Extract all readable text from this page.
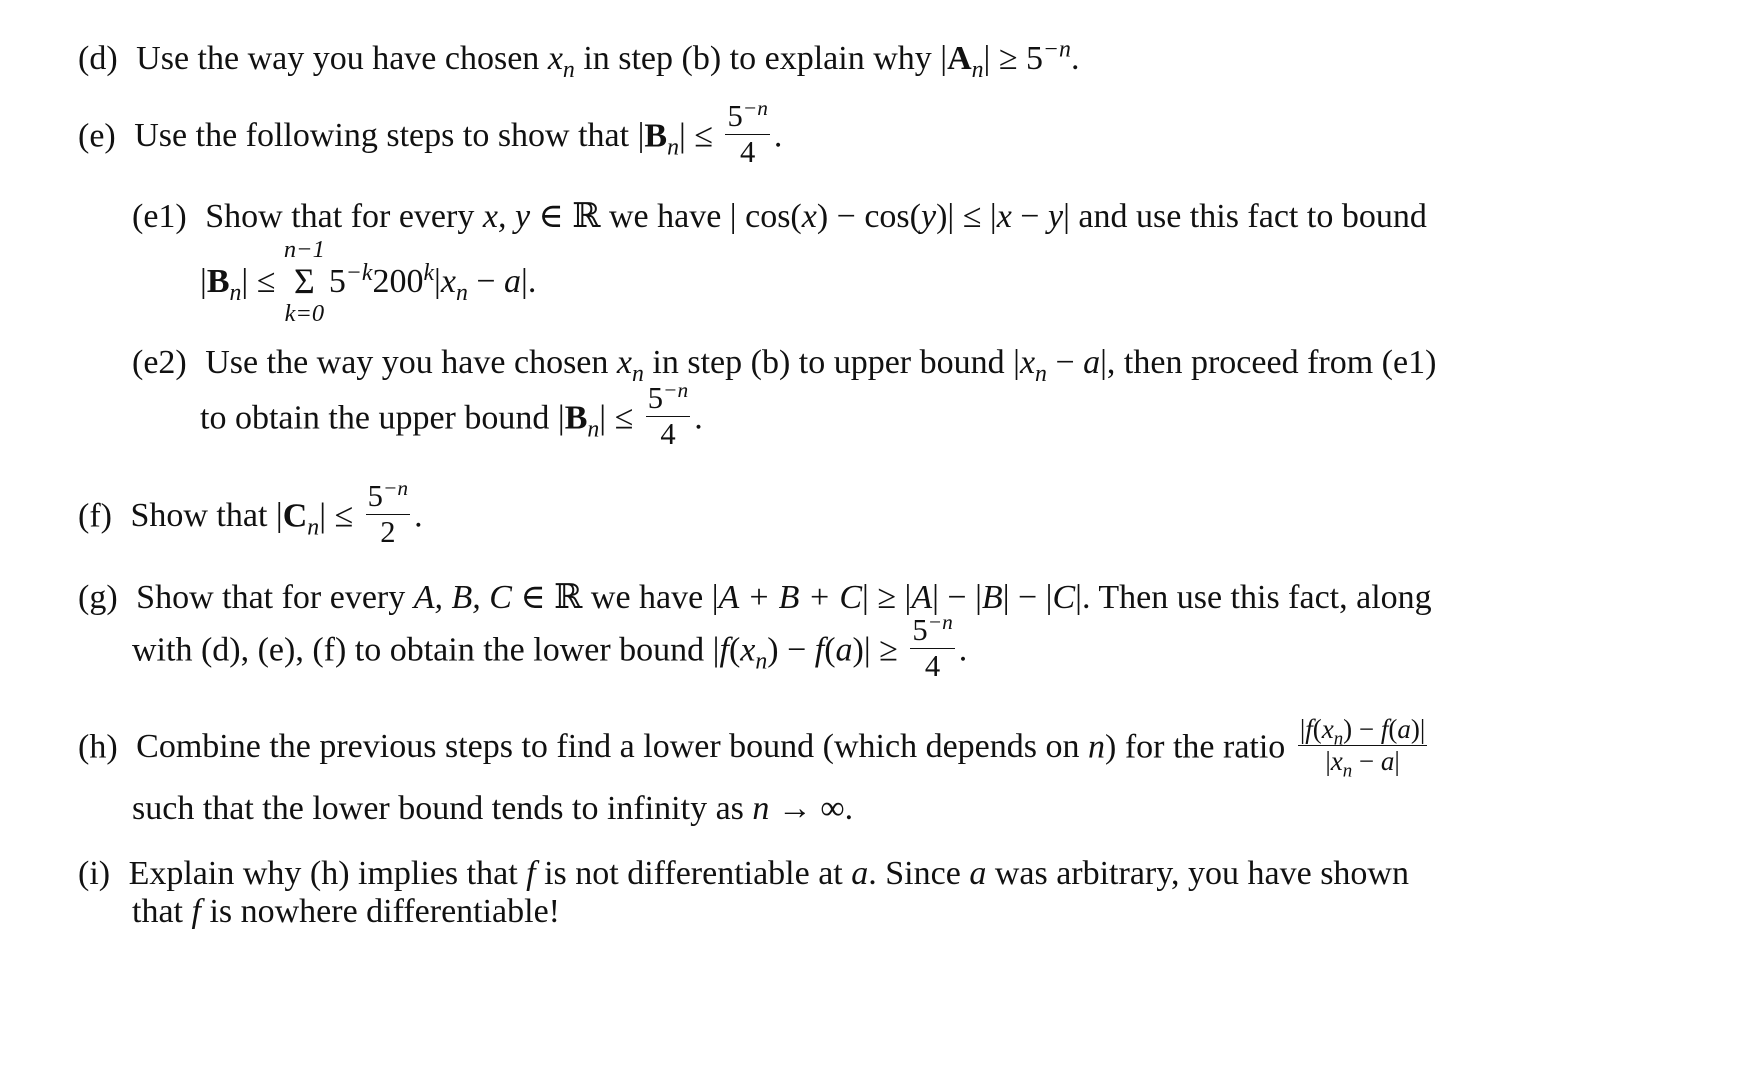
(d) Use the way you have chosen $x_n$ in step (b) to explain why $|A_n| \ge 5^{-n}$.
(e) Use the following steps to show that $|B_n| \le \frac{5^{-n}}{4}$ .
(e1) Show that for every x, y ∈ ℝ we have | cos(x) − cos(y)| ≤ |x − y| and use this fact to bound
$|B_n|$ ≤
n−1
Σ
k=0
$5^{-k}200^k|x_n - a|$.
(e2) Use the way you have chosen $x_n$ in step (b) to upper bound $|x_n - a|$, then proceed from (e1)
to obtain the upper bound $|B_n| \le \frac{5^{-n}}{4}$ .
(f) Show that $|C_n| \le \frac{5^{-n}}{2}$ .
(g) Show that for every A, B, C ∈ ℝ we have |A + B + C| ≥ |A| − |B| − |C|. Then use this fact, along
with (d), (e), (f) to obtain the lower bound $|f(x_n) - f(a)| \ge \frac{5^{-n}}{4}$ .
(h) Combine the previous steps to find a lower bound (which depends on n) for the ratio $\frac{|f(x_n) - f(a)|}{|x_n - a|}$
such that the lower bound tends to infinity as n → ∞.
(i) Explain why (h) implies that f is not differentiable at a. Since a was arbitrary, you have shown
that f is nowhere differentiable!
